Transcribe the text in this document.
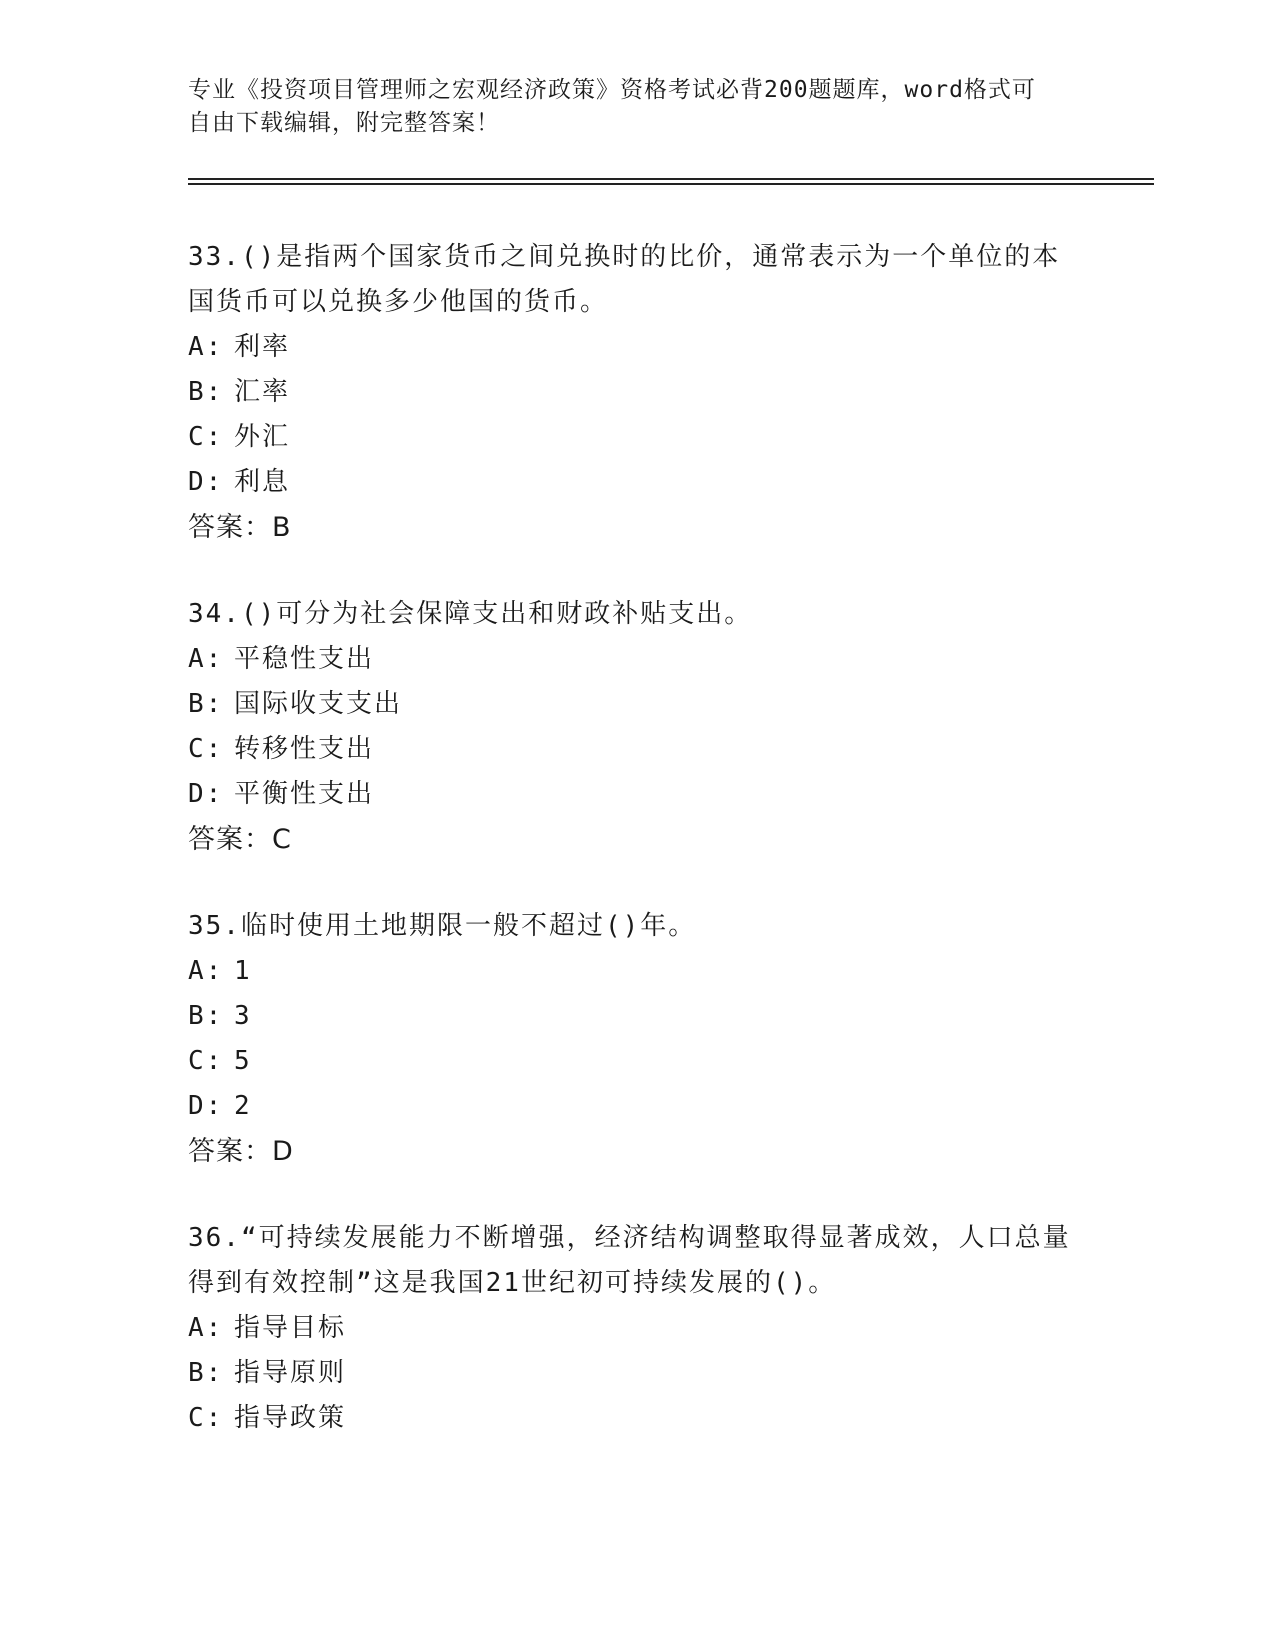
专业《投资项目管理师之宏观经济政策》资格考试必背200题题库，word格式可
自由下载编辑，附完整答案！
33.()是指两个国家货币之间兑换时的比价，通常表示为一个单位的本国货币可以兑换多少他国的货币。
A: 利率
B: 汇率
C: 外汇
D: 利息
答案：B
34.()可分为社会保障支出和财政补贴支出。
A: 平稳性支出
B: 国际收支支出
C: 转移性支出
D: 平衡性支出
答案：C
35.临时使用土地期限一般不超过()年。
A: 1
B: 3
C: 5
D: 2
答案：D
36.“可持续发展能力不断增强，经济结构调整取得显著成效，人口总量得到有效控制”这是我国21世纪初可持续发展的()。
A: 指导目标
B: 指导原则
C: 指导政策
